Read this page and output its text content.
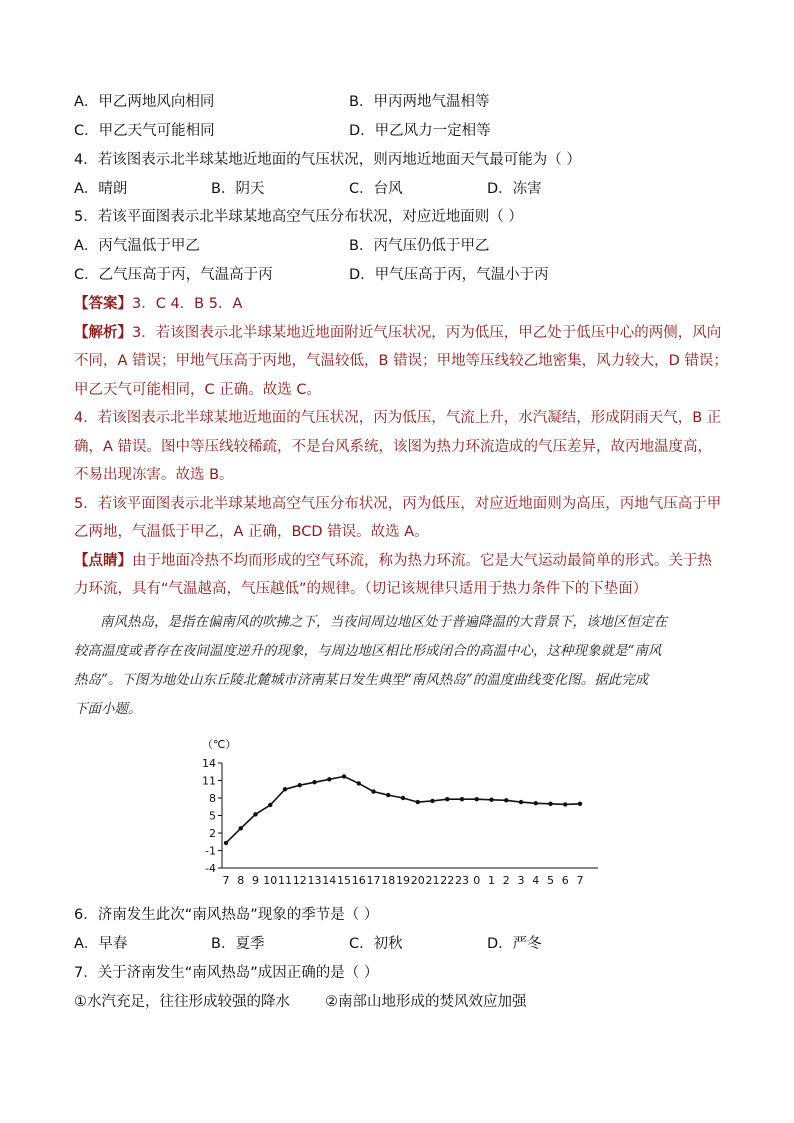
A．甲乙两地风向相同	B．甲丙两地气温相等
C．甲乙天气可能相同	D．甲乙风力一定相等
4．若该图表示北半球某地近地面的气压状况，则丙地近地面天气最可能为（ ）
A．晴朗	B．阴天	C．台风	D．冻害
5．若该平面图表示北半球某地高空气压分布状况，对应近地面则（ ）
A．丙气温低于甲乙	B．丙气压仍低于甲乙
C．乙气压高于丙，气温高于丙	D．甲气压高于丙，气温小于丙
【答案】3．C 4．B 5．A
【解析】3．若该图表示北半球某地近地面附近气压状况，丙为低压，甲乙处于低压中心的两侧，风向
不同，A 错误；甲地气压高于丙地，气温较低，B 错误；甲地等压线较乙地密集，风力较大，D 错误；
甲乙天气可能相同，C 正确。故选 C。
4．若该图表示北半球某地近地面的气压状况，丙为低压，气流上升，水汽凝结，形成阴雨天气，B 正
确，A 错误。图中等压线较稀疏，不是台风系统，该图为热力环流造成的气压差异，故丙地温度高，
不易出现冻害。故选 B。
5．若该平面图表示北半球某地高空气压分布状况，丙为低压，对应近地面则为高压，丙地气压高于甲
乙两地，气温低于甲乙，A 正确，BCD 错误。故选 A。
【点睛】由于地面冷热不均而形成的空气环流，称为热力环流。它是大气运动最简单的形式。关于热
力环流，具有“气温越高，气压越低”的规律。（切记该规律只适用于热力条件下的下垫面）
南风热岛，是指在偏南风的吹拂之下，当夜间周边地区处于普遍降温的大背景下，该地区恒定在
较高温度或者存在夜间温度逆升的现象，与周边地区相比形成闭合的高温中心，这种现象就是“南风
热岛”。下图为地处山东丘陵北麓城市济南某日发生典型“南风热岛”的温度曲线变化图。据此完成
下面小题。
（℃）
14
11
8
5
2
-1
-4
7 8 9 10 11 12 13 14 15 16 17 18 19 20 21 22 23 0 1 2 3 4 5 6 7
6．济南发生此次“南风热岛”现象的季节是（ ）
A．早春	B．夏季	C．初秋	D．严冬
7．关于济南发生“南风热岛”成因正确的是（ ）
①水汽充足，往往形成较强的降水 ②南部山地形成的焚风效应加强
